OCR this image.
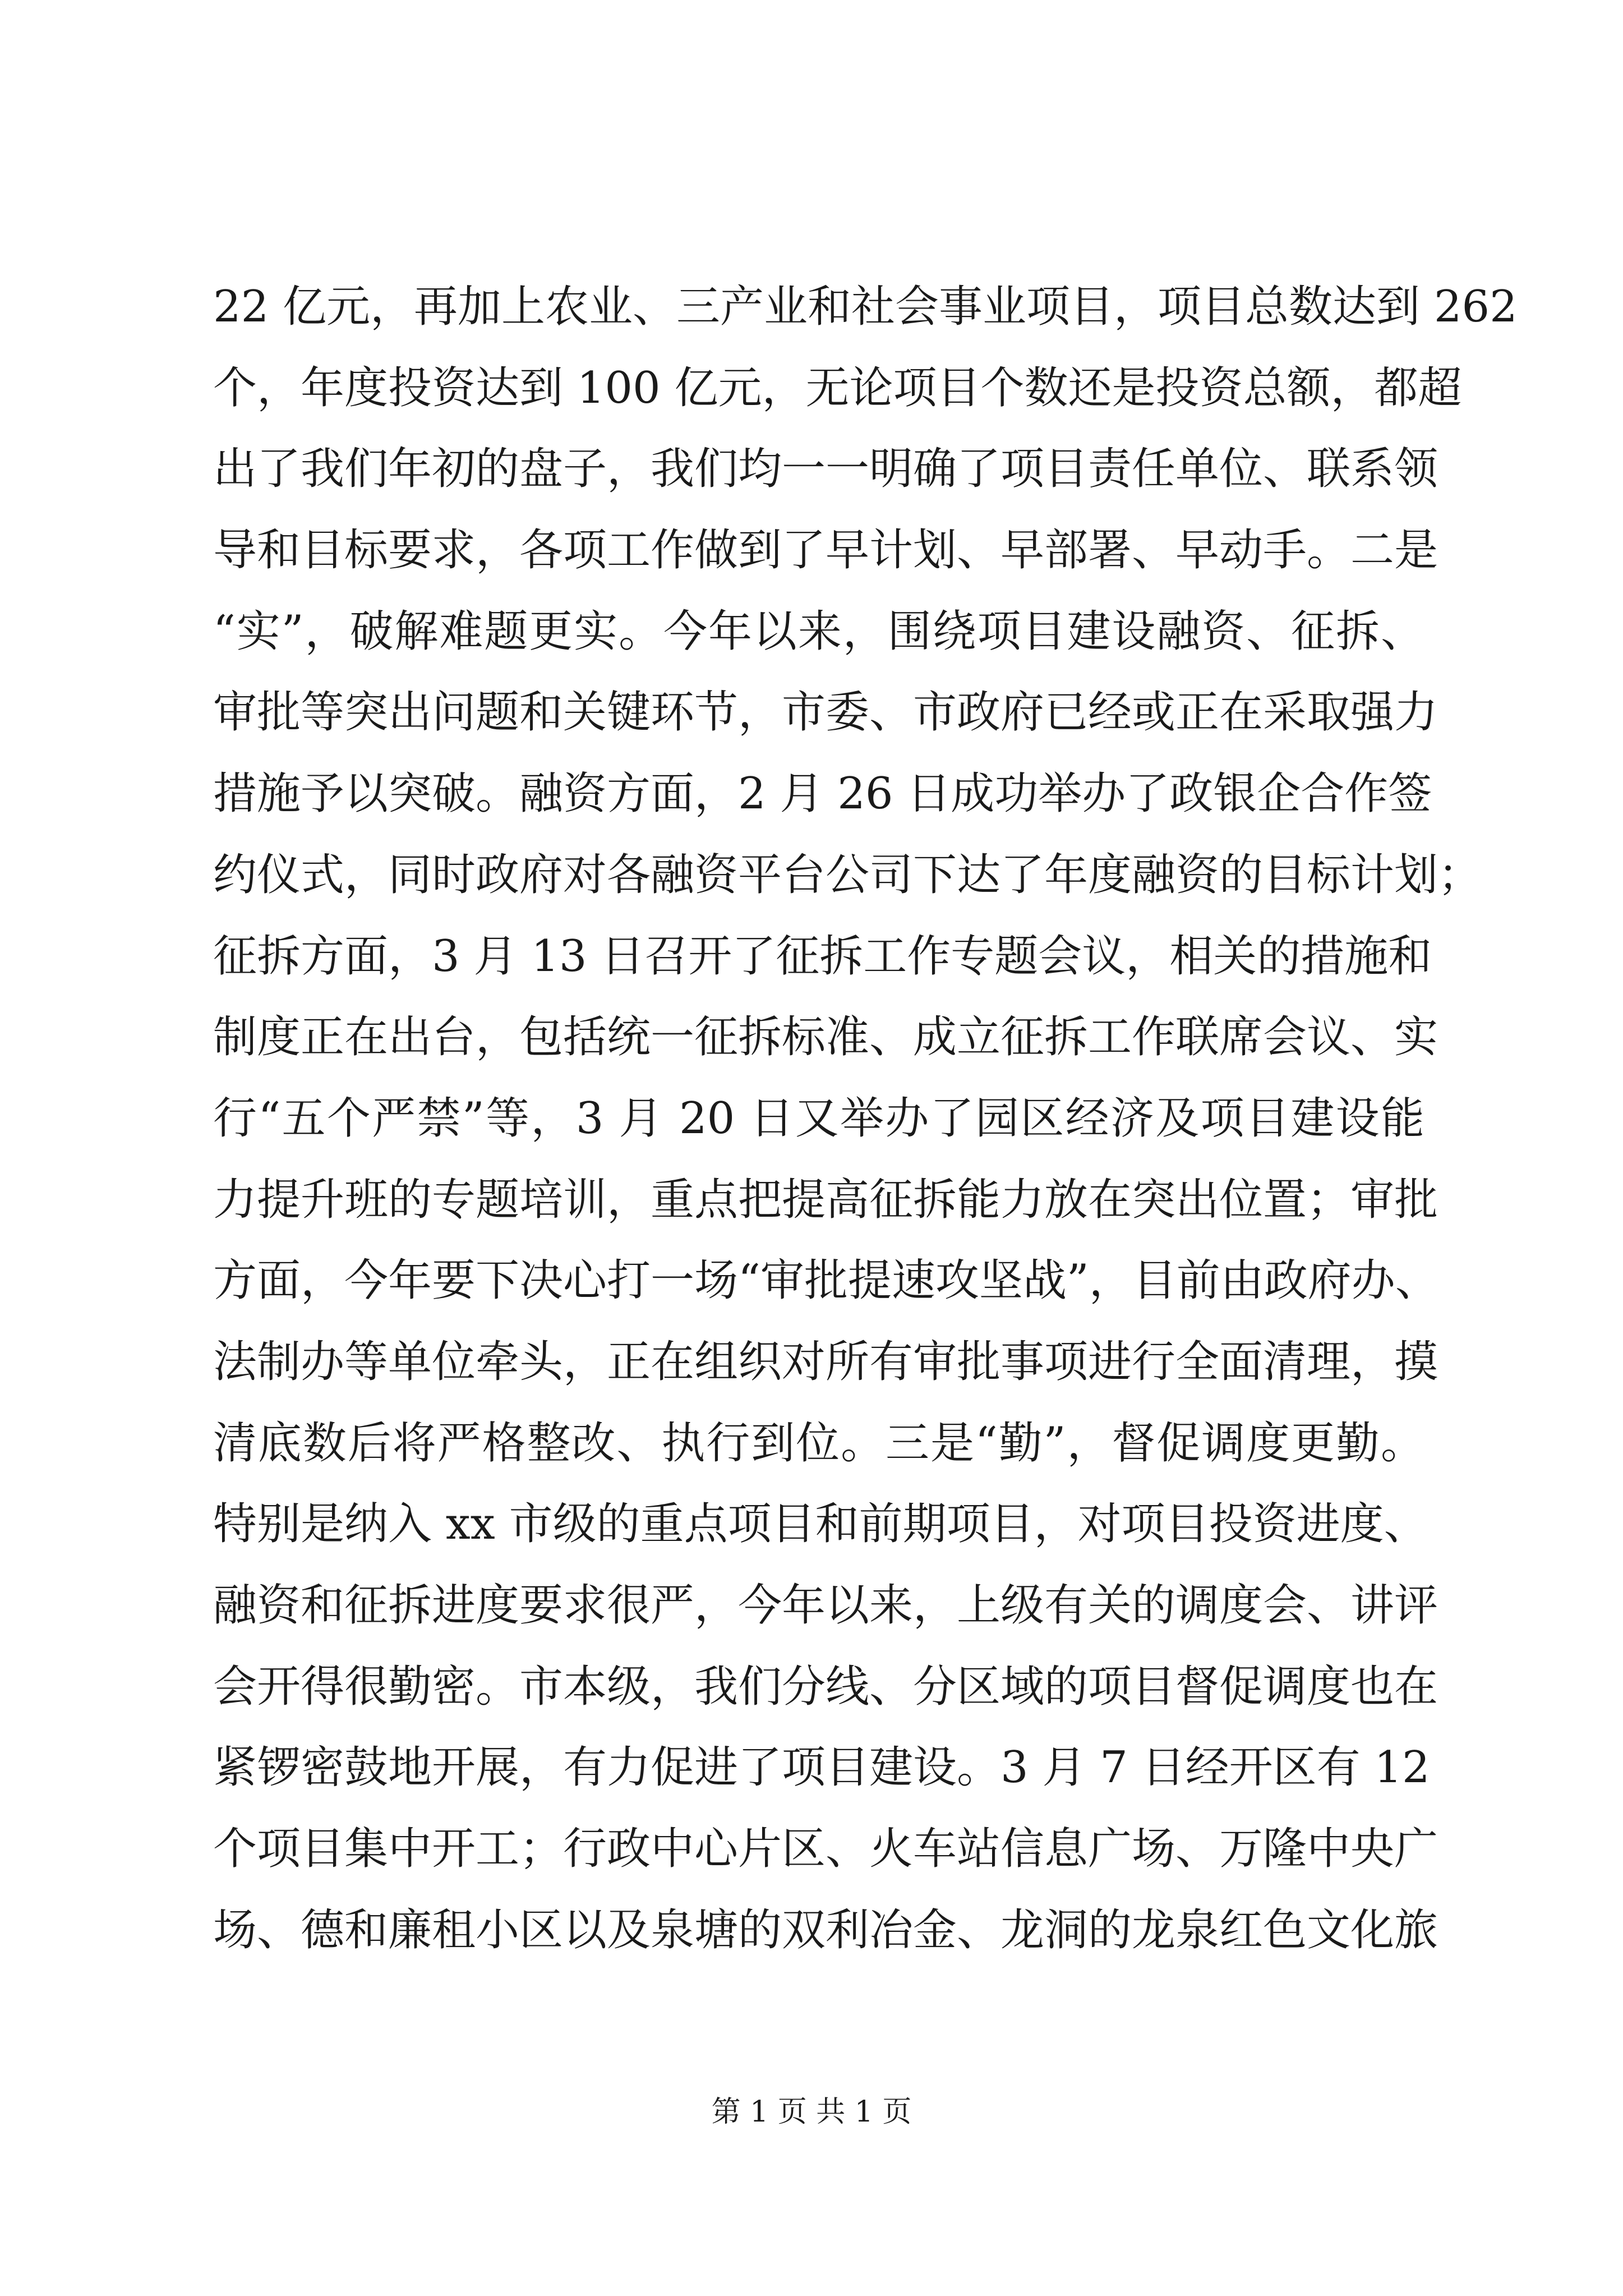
22 亿元，再加上农业、三产业和社会事业项目，项目总数达到 262
个，年度投资达到 100 亿元，无论项目个数还是投资总额，都超
出了我们年初的盘子，我们均一一明确了项目责任单位、联系领
导和目标要求，各项工作做到了早计划、早部署、早动手。二是
“实”，破解难题更实。今年以来，围绕项目建设融资、征拆、
审批等突出问题和关键环节，市委、市政府已经或正在采取强力
措施予以突破。融资方面，2 月 26 日成功举办了政银企合作签
约仪式，同时政府对各融资平台公司下达了年度融资的目标计划；
征拆方面，3 月 13 日召开了征拆工作专题会议，相关的措施和
制度正在出台，包括统一征拆标准、成立征拆工作联席会议、实
行“五个严禁”等，3 月 20 日又举办了园区经济及项目建设能
力提升班的专题培训，重点把提高征拆能力放在突出位置；审批
方面，今年要下决心打一场“审批提速攻坚战”，目前由政府办、
法制办等单位牵头，正在组织对所有审批事项进行全面清理，摸
清底数后将严格整改、执行到位。三是“勤”，督促调度更勤。
特别是纳入 xx 市级的重点项目和前期项目，对项目投资进度、
融资和征拆进度要求很严，今年以来，上级有关的调度会、讲评
会开得很勤密。市本级，我们分线、分区域的项目督促调度也在
紧锣密鼓地开展，有力促进了项目建设。3 月 7 日经开区有 12
个项目集中开工；行政中心片区、火车站信息广场、万隆中央广
场、德和廉租小区以及泉塘的双利冶金、龙洞的龙泉红色文化旅
第 1 页 共 1 页
